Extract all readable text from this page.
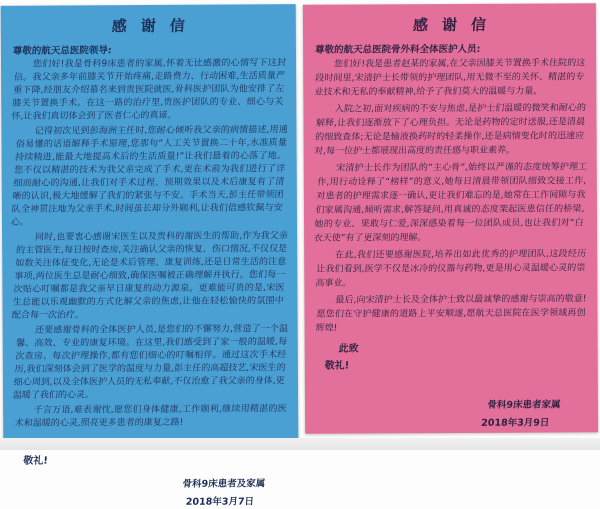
感谢信
尊敬的航天总医院领导:

您们好!我是骨科9床患者的家属,怀着无比感激的心情写下这封信。我父亲多年前膝关节开始疼痛,走路费力、行动困难,生活质量严重下降,经朋友介绍慕名来到贵医院就医,骨科医护团队为他安排了左膝关节置换手术。在这一路的治疗里,贵医护团队的专业、细心与关怀,让我们真切体会到了医者仁心的真谛。

记得初次见到彭海洲主任时,您耐心倾听我父亲的病情描述,用通俗易懂的话语解释手术原理,您那句“人工关节置换二十年,水准质量持续精进,能最大地提高术后的生活质量!”让我们悬着的心落了地。您不仅以精湛的技术为我父亲完成了手术,更在术前为我们进行了详细而耐心的沟通,让我们对手术过程、预期效果以及术后康复有了清晰的认识,极大地缓解了我们的紧张与不安。手术当天,彭主任带领团队全神贯注地为父亲手术,时间虽长却分外顺利,让我们倍感钦佩与安心。

同时,也要衷心感谢宋医生以及贵科的谢医生的帮助,作为我父亲的主管医生,每日按时查房,关注确认父亲的恢复、伤口情况,不仅仅是如数关注体征变化,无论是术后管理、康复训练,还是日常生活的注意事项,两位医生总是耐心细致,确保医嘱被正确理解并执行。您们每一次贴心叮嘱都是我父亲早日康复的动力源泉。更难能可贵的是,宋医生总能以乐观幽默的方式化解父亲的焦虑,让他在轻松愉快的氛围中配合每一次治疗。

还要感谢骨科的全体医护人员,是您们的不懈努力,营造了一个温馨、高效、专业的康复环境。在这里,我们感受到了家一般的温暖,每次查房、每次护理操作,都有您们细心的叮嘱相伴。通过这次手术经历,我们深刻体会到了医学的温度与力量,彭主任的高超技艺,宋医生的细心周到,以及全体医护人员的无私奉献,不仅治愈了我父亲的身体,更温暖了我们的心灵。

千言万语,难表谢忱,愿您们身体健康,工作顺利,继续用精湛的医术和温暖的心灵,照亮更多患者的康复之路!

敬礼!
骨科9床患者及家属
2018年3月7日
感谢信
尊敬的航天总医院骨外科全体医护人员:

您们好!我是患者赵某的家属,在父亲因膝关节置换手术住院的这段时间里,宋清护士长带领的护理团队,用无微不至的关怀、精湛的专业技术和无私的奉献精神,给予了我们莫大的温暖与力量。

入院之初,面对疾病的不安与焦虑,是护士们温暖的微笑和耐心的解释,让我们逐渐放下了心理负担。无论是药物的定时送服,还是清晨的细致查体;无论是输液换药时的轻柔操作,还是病情变化时的迅速应对,每一位护士都展现出高度的责任感与职业素养。

宋清护士长作为团队的“主心骨”,始终以严谨的态度统筹护理工作,用行动诠释了“榜样”的意义,她每日清晨带领团队细致交接工作,对患者的护理需求逐一确认,更让我们难忘的是,她常在工作间隙与我们家属沟通,倾听需求,解答疑问,用真诚的态度架起医患信任的桥梁,她的专业、果敢与仁爱,深深感染着每一位团队成员,也让我们对“白衣天使”有了更深刻的理解。

在此,我们还要感谢医院,培养出如此优秀的护理团队,这段经历让我们看到,医学不仅是冰冷的仪器与药物,更是用心灵温暖心灵的崇高事业。

最后,向宋清护士长及全体护士致以最诚挚的感谢与崇高的敬意!愿您们在守护健康的道路上平安顺遂,愿航天总医院在医学领域再创辉煌!

此致
敬礼!
骨科9床患者家属
2018年3月9日
